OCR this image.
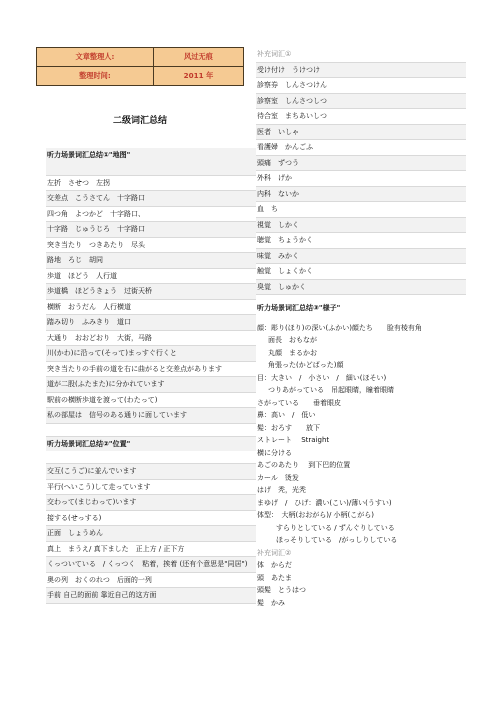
文章整理人:	风过无痕
整理时间:	2011 年
二级词汇总结
听力场景词汇总结①"地图"
左折　させつ　左拐
交差点　こうさてん　十字路口
四つ角　よつかど　十字路口、
十字路　じゅうじろ　十字路口
突き当たり　つきあたり　尽头
路地　ろじ　胡同
歩道　ほどう　人行道
歩道橋　ほどうきょう　过街天桥
横断　おうだん　人行横道
踏み切り　ふみきり　道口
大通り　おおどおり　大街，马路
川(かわ)に沿って(そって)まっすぐ行くと
突き当たりの手前の道を右に曲がると交差点があります
道が二股(ふたまた)に分かれています
駅前の横断歩道を渡って(わたって)
私の部屋は　信号のある通りに面しています
听力场景词汇总结②"位置"
交互(こうご)に並んでいます
平行(へいこう)して走っています
交わって(まじわって)います
接する(せっする)
正面　しょうめん
真上　まうえ/ 真下ました　正上方 / 正下方
くっついている　/ くっつく　粘着，挨着 (还有个意思是"同居")
奥の列　おくのれつ　后面的一列
手前 自己的面前 靠近自己的这方面
补充词汇①
受け付け　うけつけ
診察券　しんさつけん
診察室　しんさつしつ
待合室　まちあいしつ
医者　いしゃ
看護婦　かんごふ
頭痛　ずつう
外科　げか
内科　ないか
血　ち
視覚　しかく
聴覚　ちょうかく
味覚　みかく
触覚　しょくかく
臭覚　しゅかく
听力场景词汇总结③"様子"
顔：彫り(ほり)の深い(ふかい)顔たち　　脸有棱有角
面長　おもなが
丸顔　まるかお
角張った(かどばった)顔
目：大きい　/　小さい　/　細い(ほそい)
つりあがっている　吊起眼睛，瞳着眼睛
さがっている　　垂着眼皮
鼻：高い　/　低い
髪：おろす　　放下
ストレート　 Straight
横に分ける
あごのあたり　 到下巴的位置
カール　烫发
はげ　秃，光秃
まゆげ　/　ひげ：濃い(こい)/薄い(うすい)
体型：　大柄(おおがら)/ 小柄(こがら)
すらりとしている / ずんぐりしている
ほっそりしている　/がっしりしている
补充词汇②
体　からだ
頭　あたま
頭髪　とうはつ
髪　かみ
